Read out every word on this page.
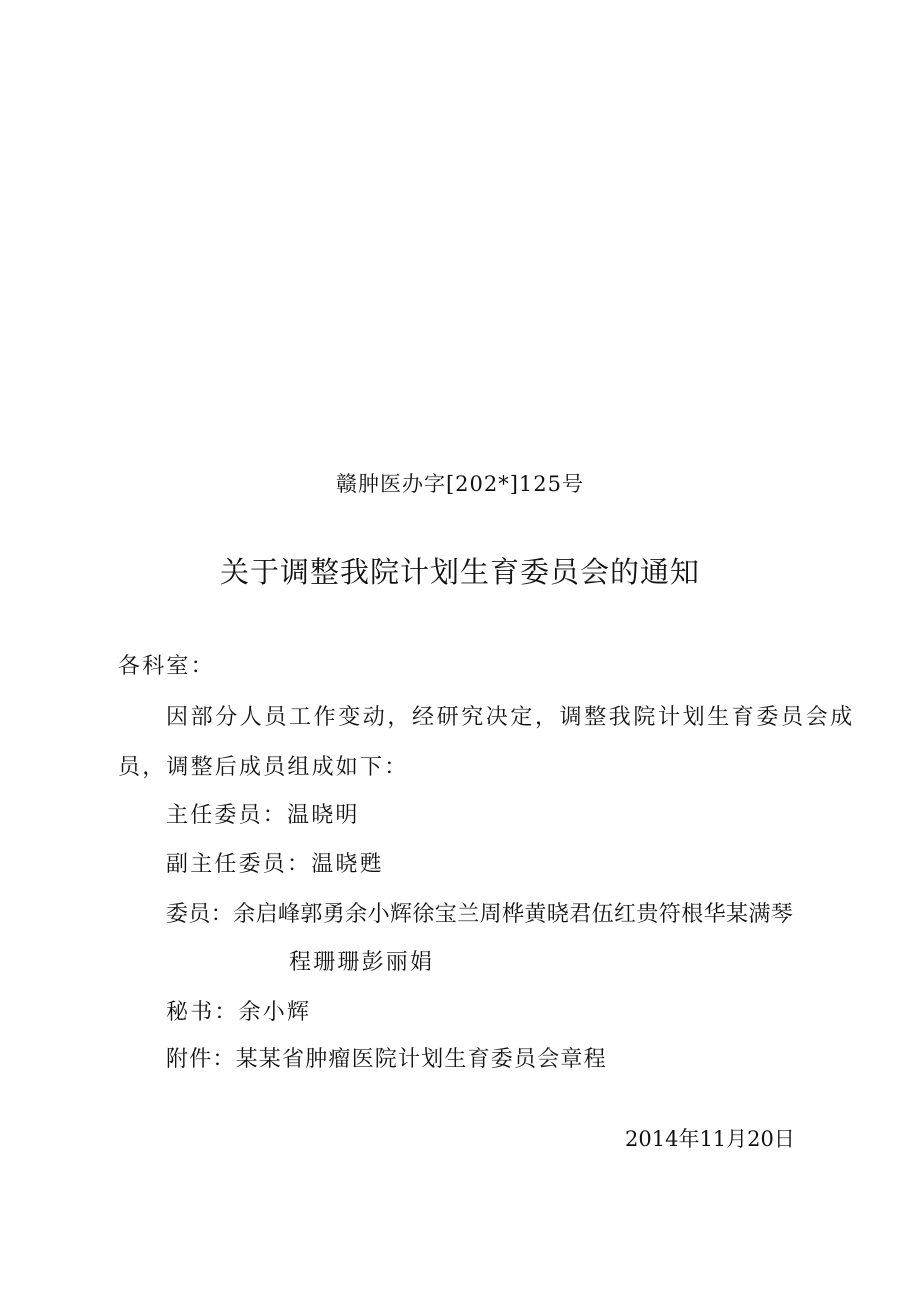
赣肿医办字[202*]125号
关于调整我院计划生育委员会的通知
各科室：
因部分人员工作变动，经研究决定，调整我院计划生育委员会成
员，调整后成员组成如下：
主任委员：温晓明
副主任委员：温晓甦
委员：余启峰郭勇余小辉徐宝兰周桦黄晓君伍红贵符根华某满琴
程珊珊彭丽娟
秘书：余小辉
附件：某某省肿瘤医院计划生育委员会章程
2014年11月20日
